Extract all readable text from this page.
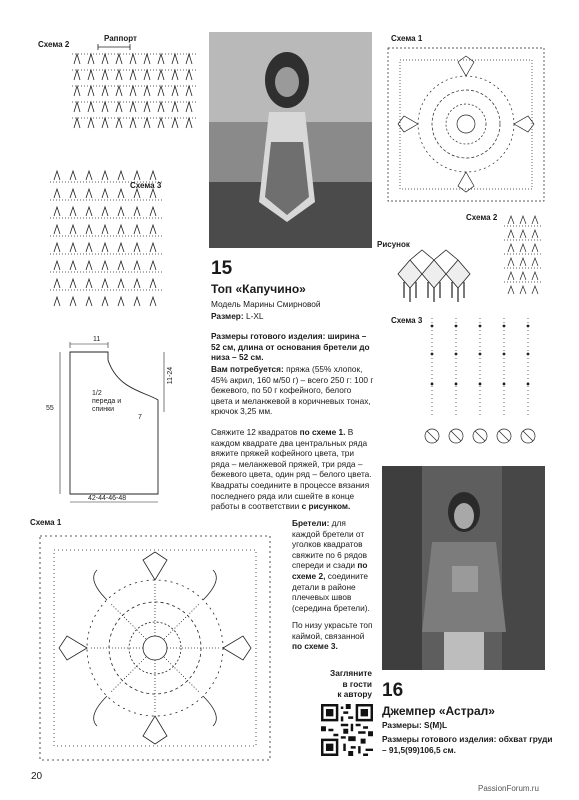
Схема 2
Раппорт
Схема 3
11
11-24
55
7
1/2
переда и спинки
42-44-46-48
Схема 1
20
15
Топ «Капучино»
Модель Марины Смирновой
Размер: L-XL
Размеры готового изделия: ширина – 52 см, длина от основания бретели до низа – 52 см.
Вам потребуется: пряжа (55% хлопок, 45% акрил, 160 м/50 г) – всего 250 г: 100 г бежевого, по 50 г кофейного, белого цвета и меланжевой в коричневых тонах, крючок 3,25 мм.
Свяжите 12 квадратов по схеме 1. В каждом квадрате два центральных ряда вяжите пряжей кофейного цвета, три ряда – меланжевой пряжей, три ряда – бежевого цвета, один ряд – белого цвета. Квадраты соедините в процессе вязания последнего ряда или сшейте в конце работы в соответствии с рисунком.
Бретели: для каждой бретели от уголков квадратов свяжите по 6 рядов спереди и сзади по схеме 2, соедините детали в районе плечевых швов (середина бретели).
По низу украсьте топ каймой, связанной по схеме 3.
Загляните
в гости
к автору
Схема 1
Схема 2
Рисунок
Схема 3
16
Джемпер «Астрал»
Размеры: S(M)L
Размеры готового изделия: обхват груди – 91,5(99)106,5 см.
PassionForum.ru
